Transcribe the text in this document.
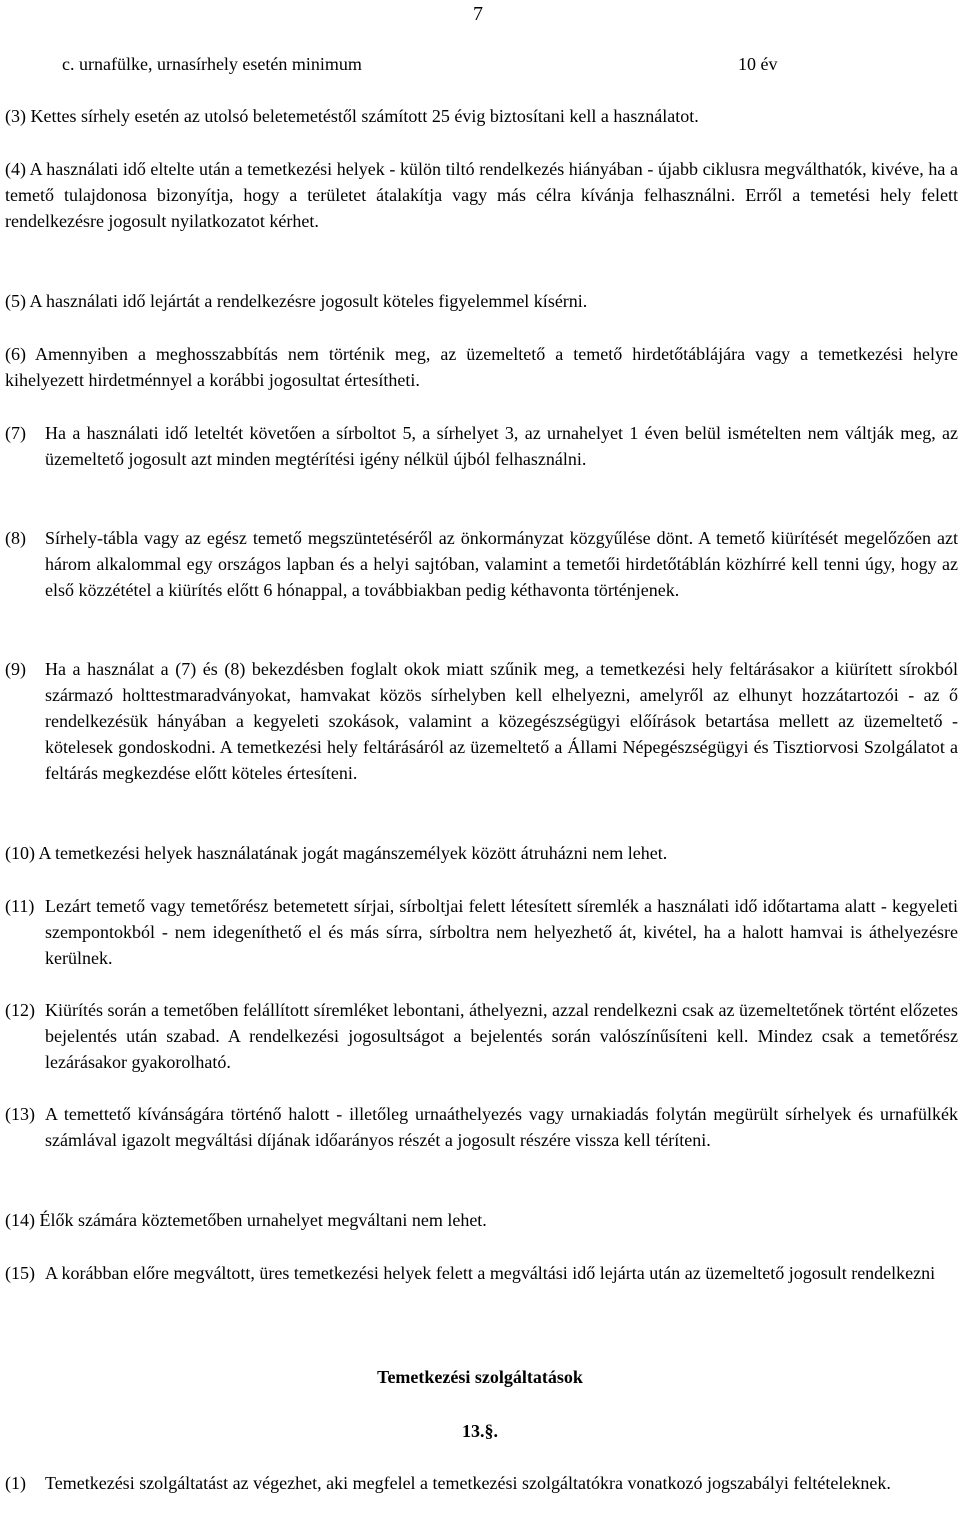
7
c. urnafülke, urnasírhely esetén minimum	10 év
(3) Kettes sírhely esetén az utolsó beletemetéstől számított 25 évig biztosítani kell a használatot.
(4) A használati idő eltelte után a temetkezési helyek - külön tiltó rendelkezés hiányában - újabb ciklusra megválthatók, kivéve, ha a temető tulajdonosa bizonyítja, hogy a területet átalakítja vagy más célra kívánja felhasználni. Erről a temetési hely felett rendelkezésre jogosult nyilatkozatot kérhet.
(5) A használati idő lejártát a rendelkezésre jogosult köteles figyelemmel kísérni.
(6) Amennyiben a meghosszabbítás nem történik meg, az üzemeltető a temető hirdetőtáblájára vagy a temetkezési helyre kihelyezett hirdetménnyel a korábbi jogosultat értesítheti.
(7)	Ha a használati idő leteltét követően a sírboltot 5, a sírhelyet 3, az urnahelyet 1 éven belül ismételten nem váltják meg, az üzemeltető jogosult azt minden megtérítési igény nélkül újból felhasználni.
(8)	Sírhely-tábla vagy az egész temető megszüntetéséről az önkormányzat közgyűlése dönt. A temető kiürítését megelőzően azt három alkalommal egy országos lapban és a helyi sajtóban, valamint a temetői hirdetőtáblán közhírré kell tenni úgy, hogy az első közzététel a kiürítés előtt 6 hónappal, a továbbiakban pedig kéthavonta történjenek.
(9)	Ha a használat a (7) és (8) bekezdésben foglalt okok miatt szűnik meg, a temetkezési hely feltárásakor a kiürített sírokból származó holttestmaradványokat, hamvakat közös sírhelyben kell elhelyezni, amelyről az elhunyt hozzátartozói - az ő rendelkezésük hányában a kegyeleti szokások, valamint a közegészségügyi előírások betartása mellett az üzemeltető - kötelesek gondoskodni. A temetkezési hely feltárásáról az üzemeltető a Állami Népegészségügyi és Tisztiorvosi Szolgálatot a feltárás megkezdése előtt köteles értesíteni.
(10) A temetkezési helyek használatának jogát magánszemélyek között átruházni nem lehet.
(11) Lezárt temető vagy temetőrész betemetett sírjai, sírboltjai felett létesített síremlék a használati idő időtartama alatt - kegyeleti szempontokból - nem idegeníthető el és más sírra, sírboltra nem helyezhető át, kivétel, ha a halott hamvai is áthelyezésre kerülnek.
(12) Kiürítés során a temetőben felállított síremléket lebontani, áthelyezni, azzal rendelkezni csak az üzemeltetőnek történt előzetes bejelentés után szabad. A rendelkezési jogosultságot a bejelentés során valószínűsíteni kell. Mindez csak a temetőrész lezárásakor gyakorolható.
(13) A temettető kívánságára történő halott - illetőleg urnaáthelyezés vagy urnakiadás folytán megürült sírhelyek és urnafülkék számlával igazolt megváltási díjának időarányos részét a jogosult részére vissza kell téríteni.
(14) Élők számára köztemetőben urnahelyet megváltani nem lehet.
(15) A korábban előre megváltott, üres temetkezési helyek felett a megváltási idő lejárta után az üzemeltető jogosult rendelkezni
Temetkezési szolgáltatások
13.§.
(1)	Temetkezési szolgáltatást az végezhet, aki megfelel a temetkezési szolgáltatókra vonatkozó jogszabályi feltételeknek.
